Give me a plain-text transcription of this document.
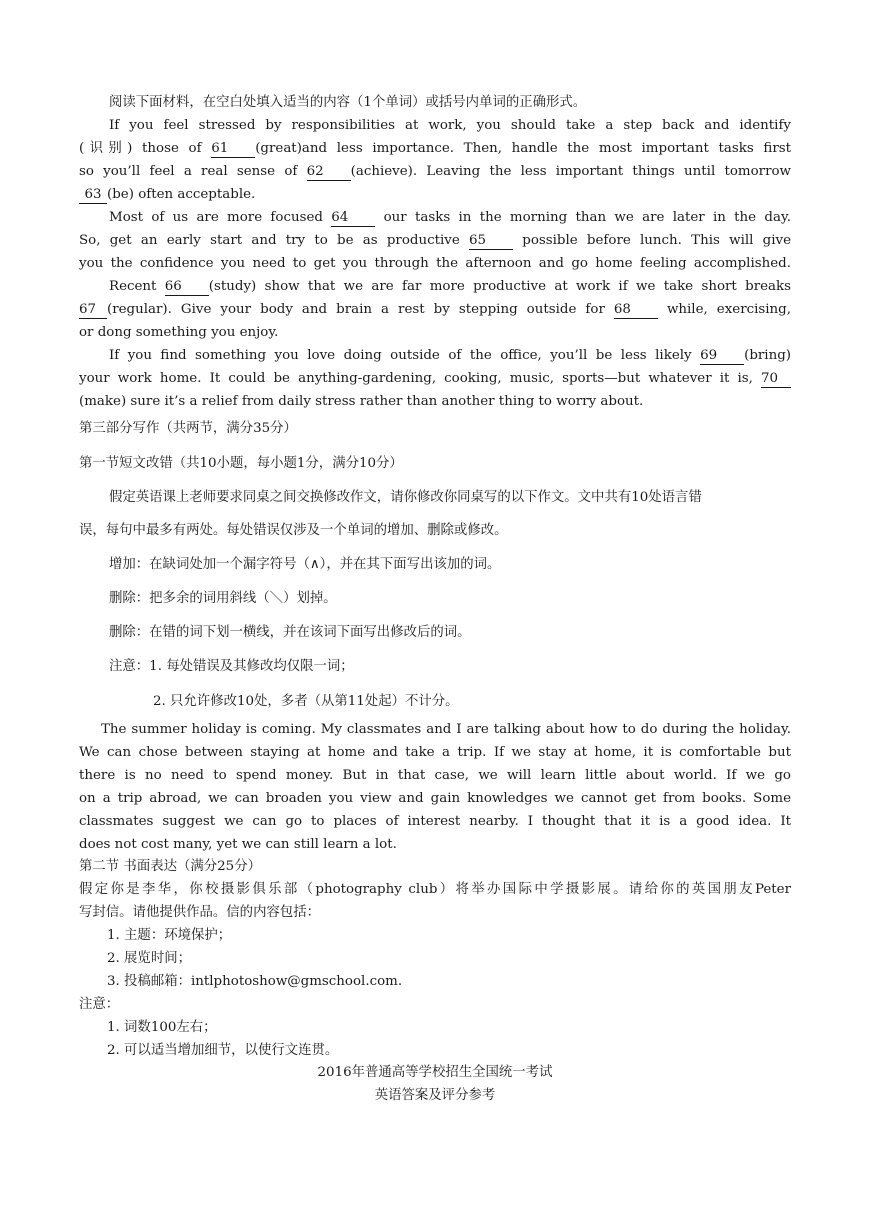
阅读下面材料，在空白处填入适当的内容（1个单词）或括号内单词的正确形式。
If you feel stressed by responsibilities at work, you should take a step back and identify
(识别) those of 61 (great)and less importance. Then, handle the most important tasks first
so you’ll feel a real sense of 62 (achieve). Leaving the less important things until tomorrow
63 (be) often acceptable.
Most of us are more focused 64	our tasks in the morning than we are later in the day.
So, get an early start and try to be as productive 65	possible before lunch. This will give
you the confidence you need to get you through the afternoon and go home feeling accomplished.
Recent 66 (study) show that we are far more productive at work if we take short breaks
67 (regular). Give your body and brain a rest by stepping outside for 68	while, exercising,
or dong something you enjoy.
If you find something you love doing outside of the office, you’ll be less likely 69 (bring)
your work home. It could be anything-gardening, cooking, music, sports—but whatever it is, 70
(make) sure it’s a relief from daily stress rather than another thing to worry about.
第三部分写作（共两节，满分35分）
第一节短文改错（共10小题，每小题1分，满分10分）
假定英语课上老师要求同桌之间交换修改作文，请你修改你同桌写的以下作文。文中共有10处语言错
误，每句中最多有两处。每处错误仅涉及一个单词的增加、删除或修改。
增加：在缺词处加一个漏字符号（∧），并在其下面写出该加的词。
删除：把多余的词用斜线（＼）划掉。
删除：在错的词下划一横线，并在该词下面写出修改后的词。
注意：1. 每处错误及其修改均仅限一词；
2. 只允许修改10处，多者（从第11处起）不计分。
The summer holiday is coming. My classmates and I are talking about how to do during the holiday.
We can chose between staying at home and take a trip. If we stay at home, it is comfortable but
there is no need to spend money. But in that case, we will learn little about world. If we go
on a trip abroad, we can broaden you view and gain knowledges we cannot get from books. Some
classmates suggest we can go to places of interest nearby. I thought that it is a good idea. It
does not cost many, yet we can still learn a lot.
第二节 书面表达（满分25分）
假定你是李华，你校摄影俱乐部（photography club）将举办国际中学摄影展。请给你的英国朋友Peter
写封信。请他提供作品。信的内容包括：
1. 主题：环境保护；
2. 展览时间；
3. 投稿邮箱：intlphotoshow@gmschool.com.
注意：
1. 词数100左右；
2. 可以适当增加细节，以使行文连贯。
2016年普通高等学校招生全国统一考试
英语答案及评分参考
